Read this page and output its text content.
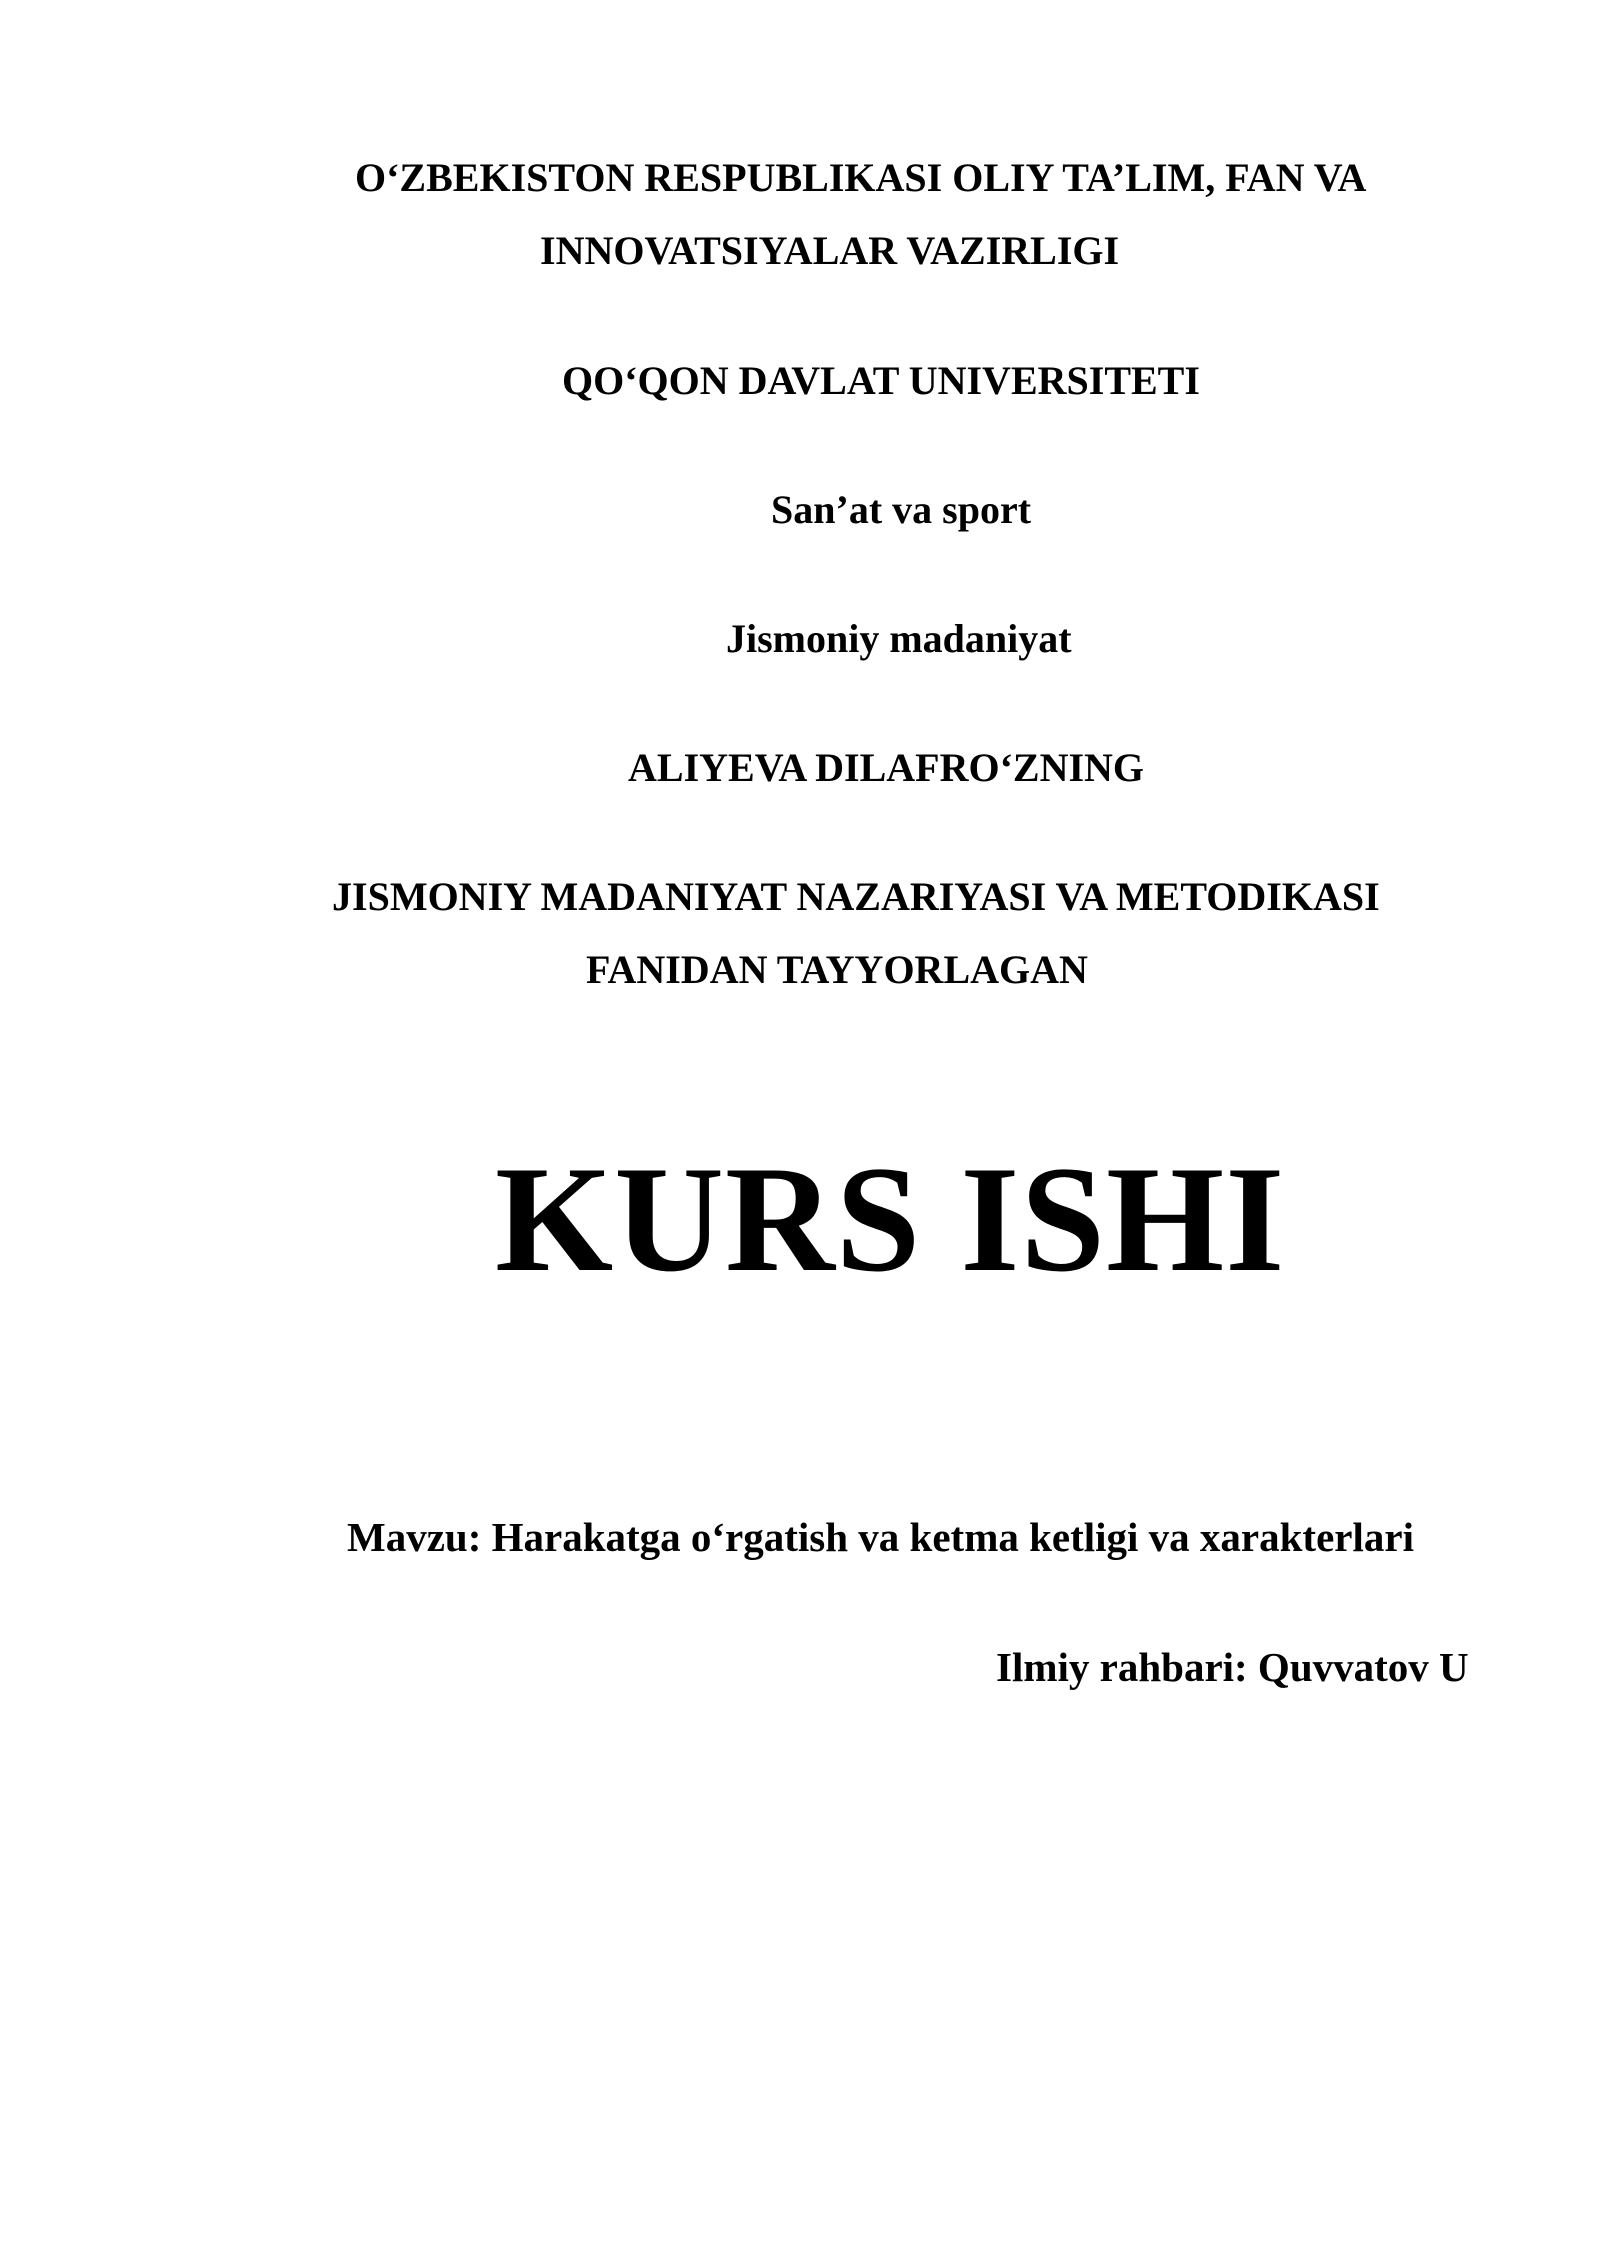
O‘ZBEKISTON RESPUBLIKASI OLIY TA’LIM, FAN VA
INNOVATSIYALAR VAZIRLIGI
QO‘QON DAVLAT UNIVERSITETI
San’at va sport
Jismoniy madaniyat
ALIYEVA DILAFRO‘ZNING
JISMONIY MADANIYAT NAZARIYASI VA METODIKASI
FANIDAN TAYYORLAGAN
KURS ISHI
Mavzu: Harakatga o‘rgatish va ketma ketligi va xarakterlari
Ilmiy rahbari: Quvvatov U
